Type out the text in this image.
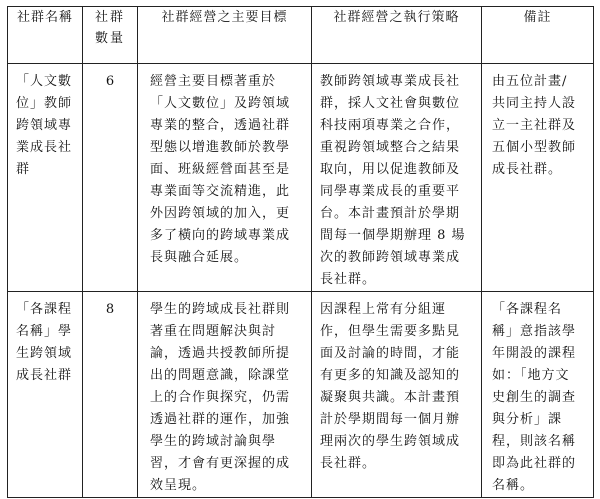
社群名稱	社群數量	社群經營之主要目標	社群經營之執行策略	備註

「人文數位」教師跨領域專業成長社群	6	經營主要目標著重於「人文數位」及跨領域專業的整合，透過社群型態以增進教師於教學面、班級經營面甚至是專業面等交流精進，此外因跨領域的加入，更多了橫向的跨域專業成長與融合延展。	教師跨領域專業成長社群，採人文社會與數位科技兩項專業之合作，重視跨領域整合之結果取向，用以促進教師及同學專業成長的重要平台。本計畫預計於學期間每一個學期辦理 8 場次的教師跨領域專業成長社群。	由五位計畫/共同主持人設立一主社群及五個小型教師成長社群。

「各課程名稱」學生跨領域成長社群	8	學生的跨域成長社群則著重在問題解決與討論，透過共授教師所提出的問題意識，除課堂上的合作與探究，仍需透過社群的運作，加強學生的跨域討論與學習，才會有更深握的成效呈現。	因課程上常有分組運作，但學生需要多點見面及討論的時間，才能有更多的知識及認知的凝聚與共識。本計畫預計於學期間每一個月辦理兩次的學生跨領域成長社群。	「各課程名稱」意指該學年開設的課程如：「地方文史創生的調查與分析」課程，則該名稱即為此社群的名稱。
